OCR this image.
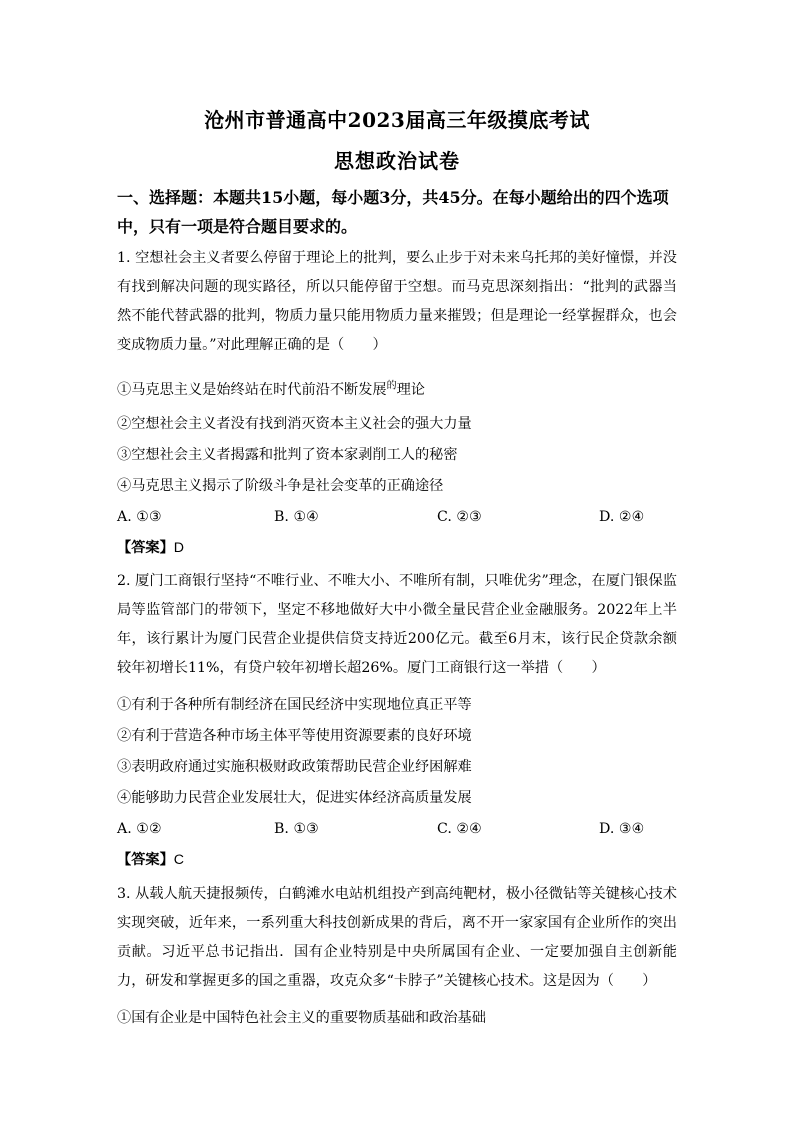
沧州市普通高中2023届高三年级摸底考试
思想政治试卷
一、选择题：本题共15小题，每小题3分，共45分。在每小题给出的四个选项中，只有一项是符合题目要求的。
1. 空想社会主义者要么停留于理论上的批判，要么止步于对未来乌托邦的美好憧憬，并没有找到解决问题的现实路径，所以只能停留于空想。而马克思深刻指出：“批判的武器当然不能代替武器的批判，物质力量只能用物质力量来摧毁；但是理论一经掌握群众，也会变成物质力量。”对此理解正确的是（　　）
①马克思主义是始终站在时代前沿不断发展$^的$理论
②空想社会主义者没有找到消灭资本主义社会的强大力量
③空想社会主义者揭露和批判了资本家剥削工人的秘密
④马克思主义揭示了阶级斗争是社会变革的正确途径
A. ①③	B. ①④	C. ②③	D. ②④
【答案】D
2. 厦门工商银行坚持“不唯行业、不唯大小、不唯所有制，只唯优劣”理念，在厦门银保监局等监管部门的带领下，坚定不移地做好大中小微全量民营企业金融服务。2022年上半年，该行累计为厦门民营企业提供信贷支持近200亿元。截至6月末，该行民企贷款余额较年初增长11%，有贷户较年初增长超26%。厦门工商银行这一举措（　　）
①有利于各种所有制经济在国民经济中实现地位真正平等
②有利于营造各种市场主体平等使用资源要素的良好环境
③表明政府通过实施积极财政政策帮助民营企业纾困解难
④能够助力民营企业发展壮大，促进实体经济高质量发展
A. ①②	B. ①③	C. ②④	D. ③④
【答案】C
3. 从载人航天捷报频传，白鹤滩水电站机组投产到高纯靶材，极小径微钻等关键核心技术实现突破，近年来，一系列重大科技创新成果的背后，离不开一家家国有企业所作的突出贡献。习近平总书记指出．国有企业特别是中央所属国有企业、一定要加强自主创新能力，研发和掌握更多的国之重器，攻克众多“卡脖子”关键核心技术。这是因为（　　）
①国有企业是中国特色社会主义的重要物质基础和政治基础
